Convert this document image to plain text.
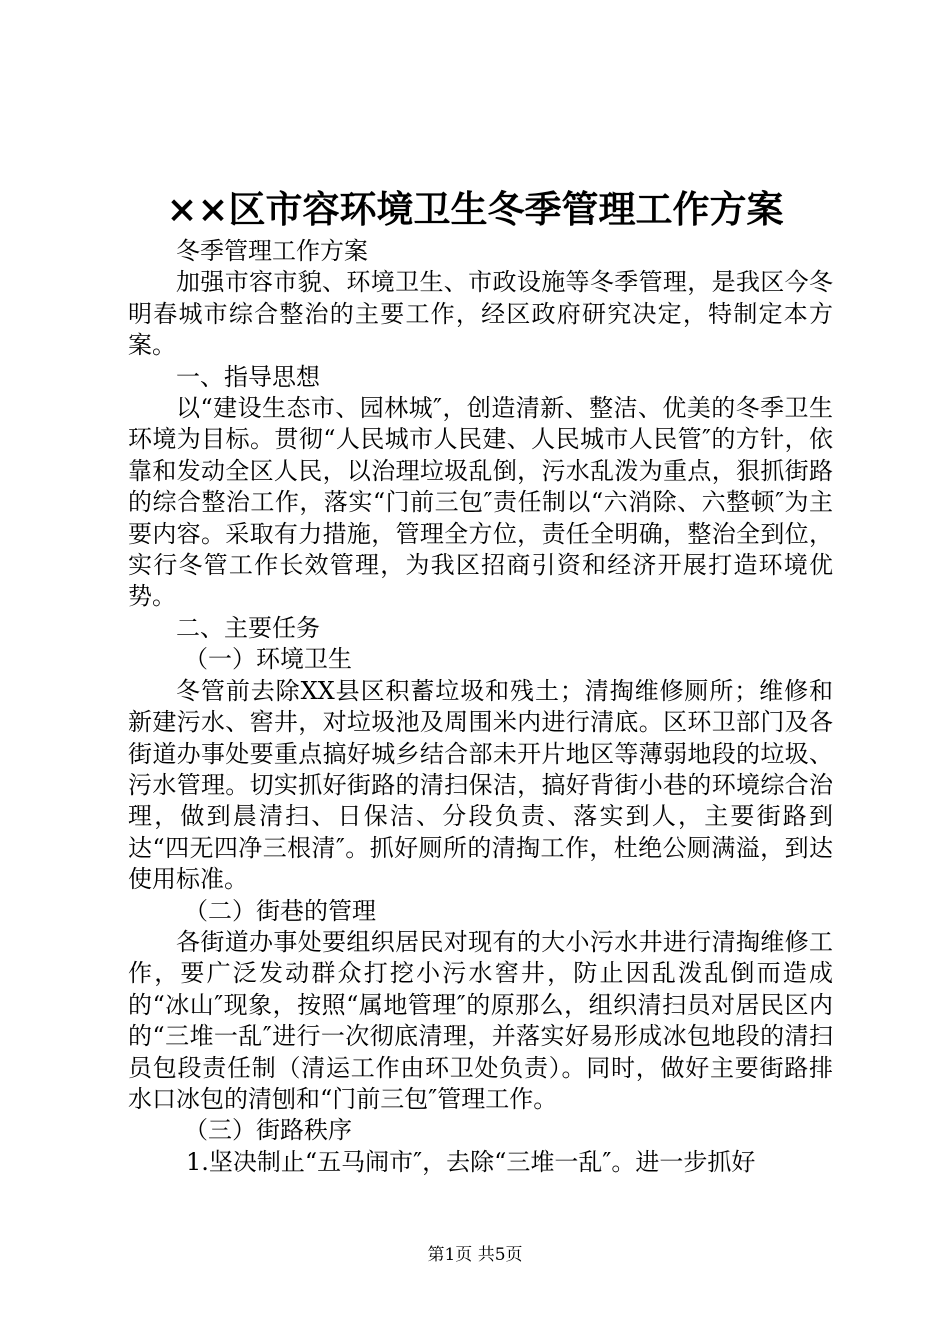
××区市容环境卫生冬季管理工作方案

冬季管理工作方案

加强市容市貌、环境卫生、市政设施等冬季管理，是我区今冬明春城市综合整治的主要工作，经区政府研究决定，特制定本方案。

一、指导思想

以“建设生态市、园林城″，创造清新、整洁、优美的冬季卫生环境为目标。贯彻“人民城市人民建、人民城市人民管″的方针，依靠和发动全区人民，以治理垃圾乱倒，污水乱泼为重点，狠抓街路的综合整治工作，落实“门前三包″责任制以“六消除、六整顿″为主要内容。采取有力措施，管理全方位，责任全明确，整治全到位，实行冬管工作长效管理，为我区招商引资和经济开展打造环境优势。

二、主要任务

（一）环境卫生

冬管前去除XX县区积蓄垃圾和残土；清掏维修厕所；维修和新建污水、窖井，对垃圾池及周围米内进行清底。区环卫部门及各街道办事处要重点搞好城乡结合部未开片地区等薄弱地段的垃圾、污水管理。切实抓好街路的清扫保洁，搞好背街小巷的环境综合治理，做到晨清扫、日保洁、分段负责、落实到人，主要街路到达“四无四净三根清″。抓好厕所的清掏工作，杜绝公厕满溢，到达使用标准。

（二）街巷的管理

各街道办事处要组织居民对现有的大小污水井进行清掏维修工作，要广泛发动群众打挖小污水窖井，防止因乱泼乱倒而造成的“冰山″现象，按照“属地管理″的原那么，组织清扫员对居民区内的“三堆一乱″进行一次彻底清理，并落实好易形成冰包地段的清扫员包段责任制（清运工作由环卫处负责）。同时，做好主要街路排水口冰包的清刨和“门前三包″管理工作。

（三）街路秩序

1.坚决制止“五马闹市″，去除“三堆一乱″。进一步抓好

第1页 共5页
